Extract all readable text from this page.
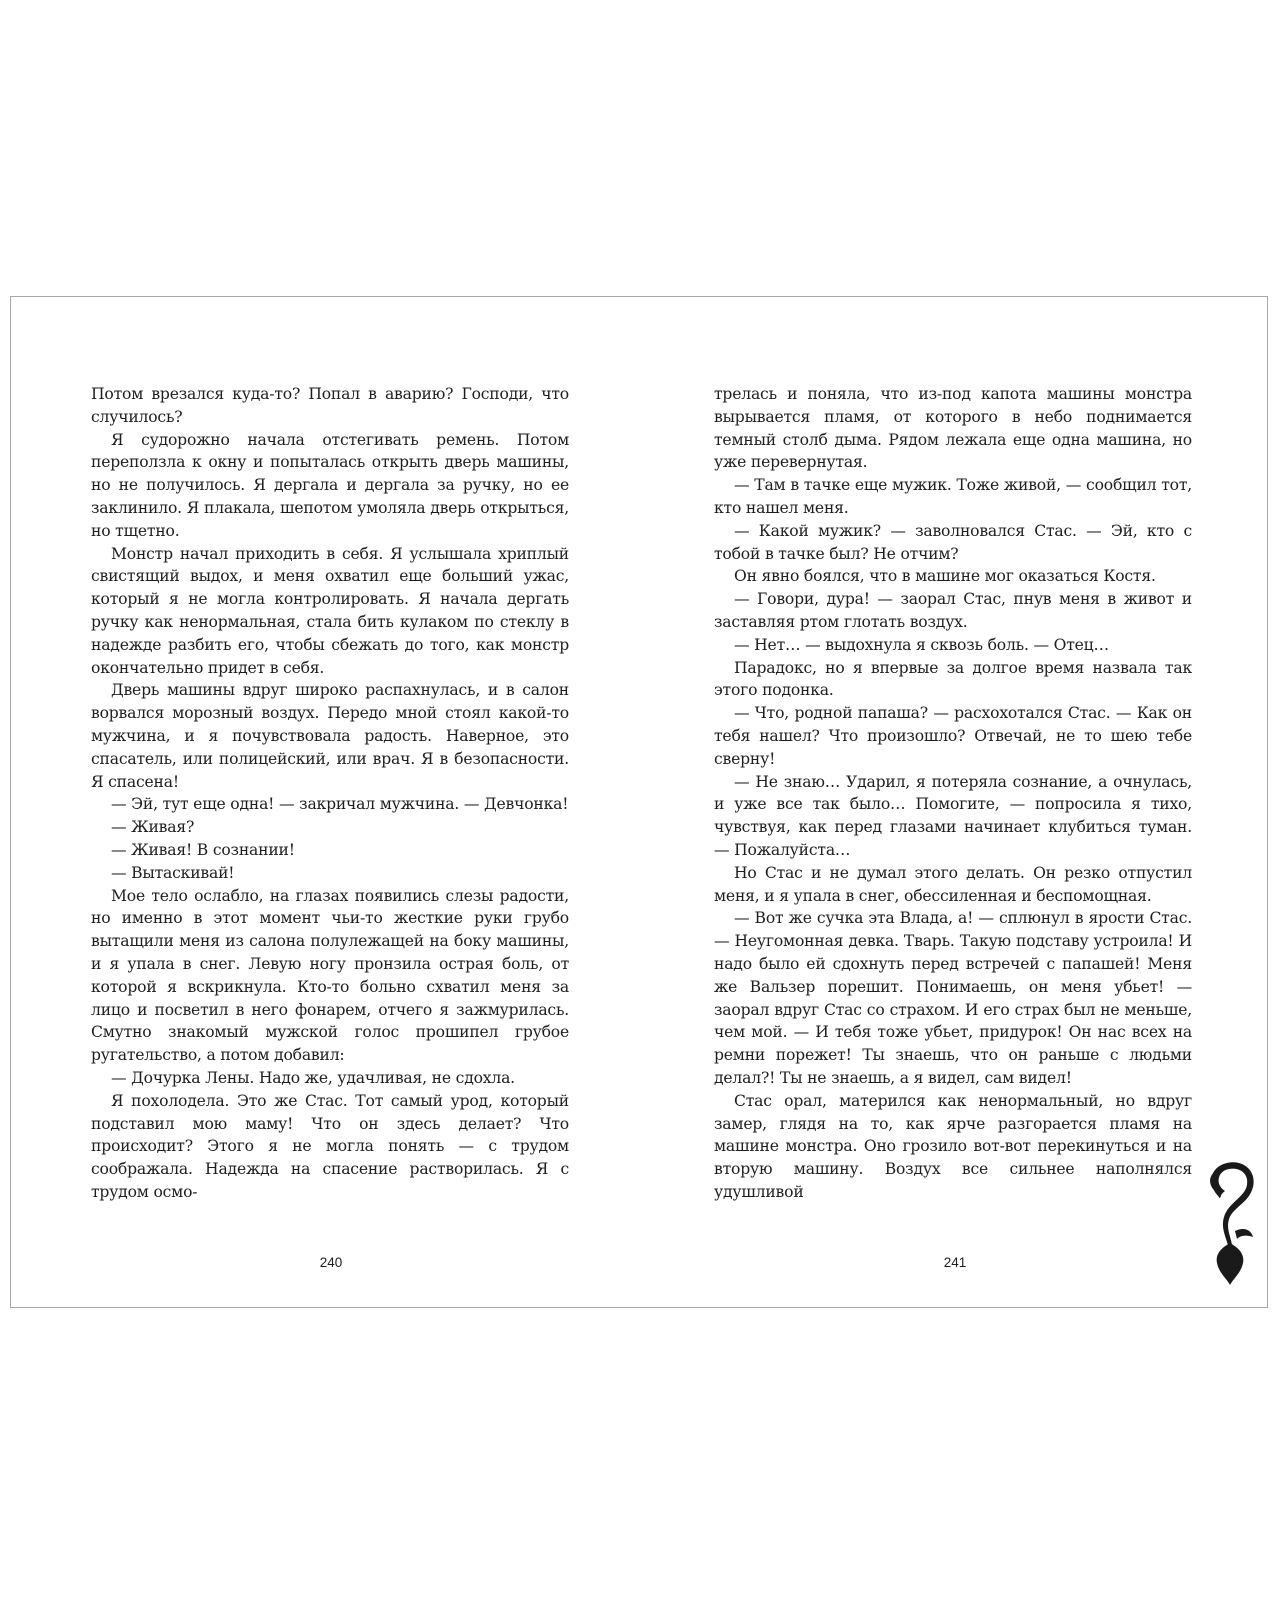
Потом врезался куда-то? Попал в аварию? Господи, что случилось?

Я судорожно начала отстегивать ремень. Потом переползла к окну и попыталась открыть дверь машины, но не получилось. Я дергала и дергала за ручку, но ее заклинило. Я плакала, шепотом умоляла дверь открыться, но тщетно.

Монстр начал приходить в себя. Я услышала хриплый свистящий выдох, и меня охватил еще больший ужас, который я не могла контролировать. Я начала дергать ручку как ненормальная, стала бить кулаком по стеклу в надежде разбить его, чтобы сбежать до того, как монстр окончательно придет в себя.

Дверь машины вдруг широко распахнулась, и в салон ворвался морозный воздух. Передо мной стоял какой-то мужчина, и я почувствовала радость. Наверное, это спасатель, или полицейский, или врач. Я в безопасности. Я спасена!

— Эй, тут еще одна! — закричал мужчина. — Девчонка!

— Живая?

— Живая! В сознании!

— Вытаскивай!

Мое тело ослабло, на глазах появились слезы радости, но именно в этот момент чьи-то жесткие руки грубо вытащили меня из салона полулежащей на боку машины, и я упала в снег. Левую ногу пронзила острая боль, от которой я вскрикнула. Кто-то больно схватил меня за лицо и посветил в него фонарем, отчего я зажмурилась. Смутно знакомый мужской голос прошипел грубое ругательство, а потом добавил:

— Дочурка Лены. Надо же, удачливая, не сдохла.

Я похолодела. Это же Стас. Тот самый урод, который подставил мою маму! Что он здесь делает? Что происходит? Этого я не могла понять — с трудом соображала. Надежда на спасение растворилась. Я с трудом осмо-

трелась и поняла, что из-под капота машины монстра вырывается пламя, от которого в небо поднимается темный столб дыма. Рядом лежала еще одна машина, но уже перевернутая.

— Там в тачке еще мужик. Тоже живой, — сообщил тот, кто нашел меня.

— Какой мужик? — заволновался Стас. — Эй, кто с тобой в тачке был? Не отчим?

Он явно боялся, что в машине мог оказаться Костя.

— Говори, дура! — заорал Стас, пнув меня в живот и заставляя ртом глотать воздух.

— Нет… — выдохнула я сквозь боль. — Отец…

Парадокс, но я впервые за долгое время назвала так этого подонка.

— Что, родной папаша? — расхохотался Стас. — Как он тебя нашел? Что произошло? Отвечай, не то шею тебе сверну!

— Не знаю… Ударил, я потеряла сознание, а очнулась, и уже все так было… Помогите, — попросила я тихо, чувствуя, как перед глазами начинает клубиться туман. — Пожалуйста…

Но Стас и не думал этого делать. Он резко отпустил меня, и я упала в снег, обессиленная и беспомощная.

— Вот же сучка эта Влада, а! — сплюнул в ярости Стас. — Неугомонная девка. Тварь. Такую подставу устроила! И надо было ей сдохнуть перед встречей с папашей! Меня же Вальзер порешит. Понимаешь, он меня убьет! — заорал вдруг Стас со страхом. И его страх был не меньше, чем мой. — И тебя тоже убьет, придурок! Он нас всех на ремни порежет! Ты знаешь, что он раньше с людьми делал?! Ты не знаешь, а я видел, сам видел!

Стас орал, матерился как ненормальный, но вдруг замер, глядя на то, как ярче разгорается пламя на машине монстра. Оно грозило вот-вот перекинуться и на вторую машину. Воздух все сильнее наполнялся удушливой

240	241
